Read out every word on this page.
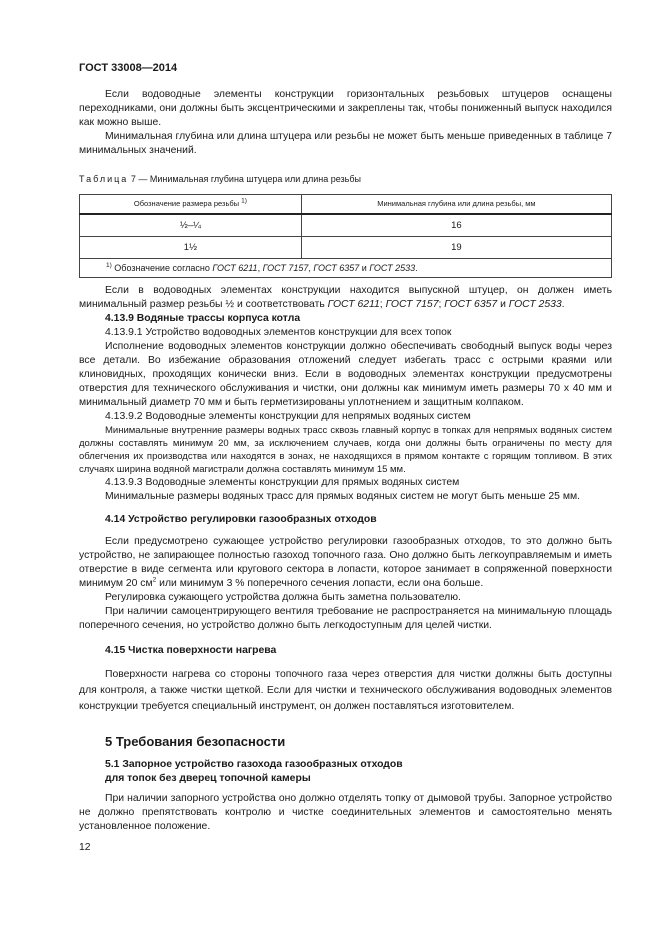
ГОСТ 33008—2014

Если водоводные элементы конструкции горизонтальных резьбовых штуцеров оснащены переходниками, они должны быть эксцентрическими и закреплены так, чтобы пониженный выпуск находился как можно выше.

Минимальная глубина или длина штуцера или резьбы не может быть меньше приведенных в таблице 7 минимальных значений.

Таблица 7 — Минимальная глубина штуцера или длина резьбы

Обозначение размера резьбы $^{1)}$	Минимальная глубина или длина резьбы, мм
½–¼	16
1½	19
$^{1)}$ Обозначение согласно ГОСТ 6211, ГОСТ 7157, ГОСТ 6357 и ГОСТ 2533.	

Если в водоводных элементах конструкции находится выпускной штуцер, он должен иметь минимальный размер резьбы ½ и соответствовать ГОСТ 6211; ГОСТ 7157; ГОСТ 6357 и ГОСТ 2533.

4.13.9 Водяные трассы корпуса котла

4.13.9.1 Устройство водоводных элементов конструкции для всех топок

Исполнение водоводных элементов конструкции должно обеспечивать свободный выпуск воды через все детали. Во избежание образования отложений следует избегать трасс с острыми краями или клиновидных, проходящих конически вниз. Если в водоводных элементах конструкции предусмотрены отверстия для технического обслуживания и чистки, они должны как минимум иметь размеры 70 х 40 мм и минимальный диаметр 70 мм и быть герметизированы уплотнением и защитным колпаком.

4.13.9.2 Водоводные элементы конструкции для непрямых водяных систем

Минимальные внутренние размеры водных трасс сквозь главный корпус в топках для непрямых водяных систем должны составлять минимум 20 мм, за исключением случаев, когда они должны быть ограничены по месту для облегчения их производства или находятся в зонах, не находящихся в прямом контакте с горящим топливом. В этих случаях ширина водяной магистрали должна составлять минимум 15 мм.

4.13.9.3 Водоводные элементы конструкции для прямых водяных систем

Минимальные размеры водяных трасс для прямых водяных систем не могут быть меньше 25 мм.

4.14 Устройство регулировки газообразных отходов

Если предусмотрено сужающее устройство регулировки газообразных отходов, то это должно быть устройство, не запирающее полностью газоход топочного газа. Оно должно быть легкоуправляемым и иметь отверстие в виде сегмента или кругового сектора в лопасти, которое занимает в сопряженной поверхности минимум 20 $см^2$ или минимум 3 % поперечного сечения лопасти, если она больше.

Регулировка сужающего устройства должна быть заметна пользователю.

При наличии самоцентрирующего вентиля требование не распространяется на минимальную площадь поперечного сечения, но устройство должно быть легкодоступным для целей чистки.

4.15 Чистка поверхности нагрева

Поверхности нагрева со стороны топочного газа через отверстия для чистки должны быть доступны для контроля, а также чистки щеткой. Если для чистки и технического обслуживания водоводных элементов конструкции требуется специальный инструмент, он должен поставляться изготовителем.

5 Требования безопасности

5.1 Запорное устройство газохода газообразных отходов

для топок без дверец топочной камеры

При наличии запорного устройства оно должно отделять топку от дымовой трубы. Запорное устройство не должно препятствовать контролю и чистке соединительных элементов и самостоятельно менять установленное положение.

12
